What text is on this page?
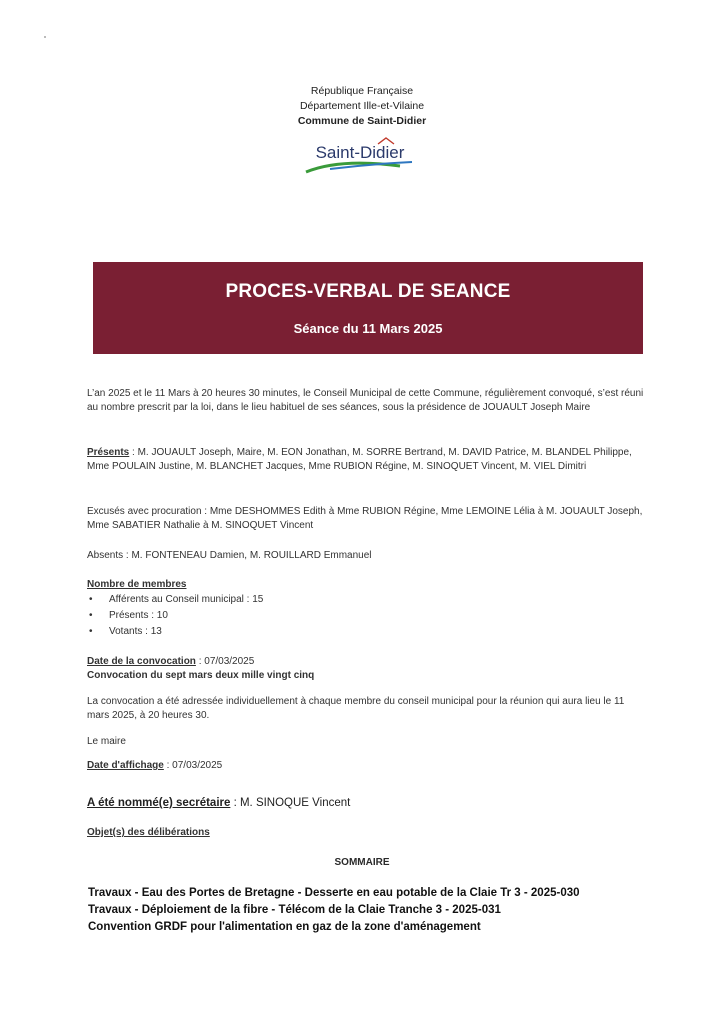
République Française
Département Ille-et-Vilaine
Commune de Saint-Didier
Saint-Didier
PROCES-VERBAL DE SEANCE
Séance du 11 Mars 2025
L’an 2025 et le 11 Mars à 20 heures 30 minutes, le Conseil Municipal de cette Commune, régulièrement convoqué, s’est réuni au nombre prescrit par la loi, dans le lieu habituel de ses séances, sous la présidence de JOUAULT Joseph Maire
Présents : M. JOUAULT Joseph, Maire, M. EON Jonathan, M. SORRE Bertrand, M. DAVID Patrice, M. BLANDEL Philippe, Mme POULAIN Justine, M. BLANCHET Jacques, Mme RUBION Régine, M. SINOQUET Vincent, M. VIEL Dimitri
Excusés avec procuration : Mme DESHOMMES Edith à Mme RUBION Régine, Mme LEMOINE Lélia à M. JOUAULT Joseph, Mme SABATIER Nathalie à M. SINOQUET Vincent
Absents : M. FONTENEAU Damien, M. ROUILLARD Emmanuel
Nombre de membres
• Afférents au Conseil municipal : 15
• Présents : 10
• Votants : 13
Date de la convocation : 07/03/2025
Convocation du sept mars deux mille vingt cinq
La convocation a été adressée individuellement à chaque membre du conseil municipal pour la réunion qui aura lieu le 11 mars 2025, à 20 heures 30.
Le maire
Date d'affichage : 07/03/2025
A été nommé(e) secrétaire : M. SINOQUE Vincent
Objet(s) des délibérations
SOMMAIRE
Travaux - Eau des Portes de Bretagne - Desserte en eau potable de la Claie Tr 3 - 2025-030
Travaux - Déploiement de la fibre - Télécom de la Claie Tranche 3 - 2025-031
Convention GRDF pour l'alimentation en gaz de la zone d'aménagement
